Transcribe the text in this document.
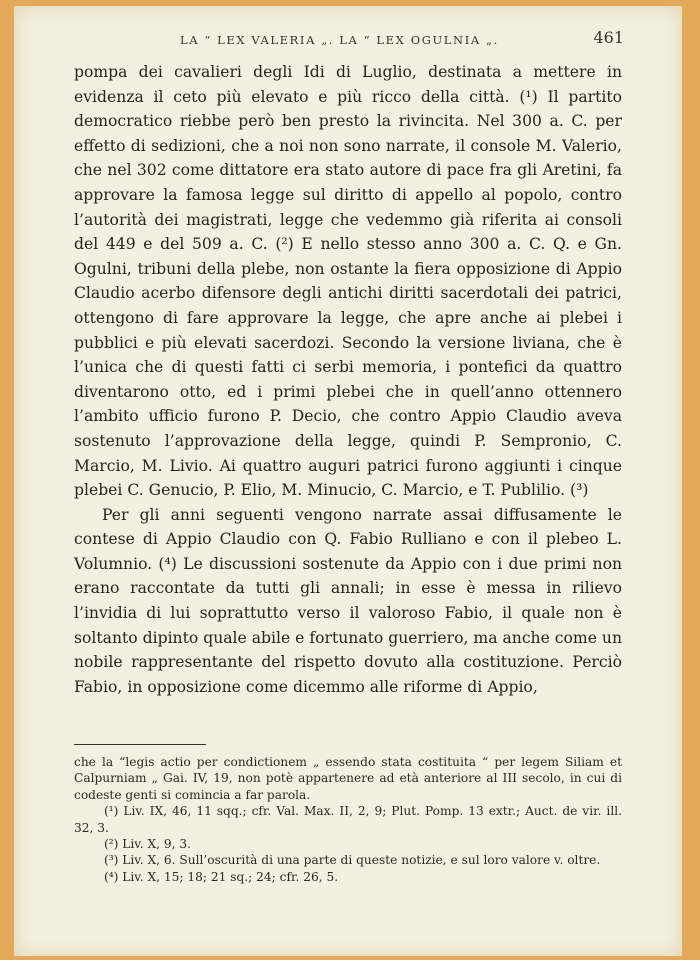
LA “ LEX VALERIA „. LA “ LEX OGULNIA „.	461

pompa dei cavalieri degli Idi di Luglio, destinata a mettere in evidenza il ceto più elevato e più ricco della città. (¹) Il partito democratico riebbe però ben presto la rivincita. Nel 300 a. C. per effetto di sedizioni, che a noi non sono narrate, il console M. Valerio, che nel 302 come dittatore era stato autore di pace fra gli Aretini, fa approvare la famosa legge sul diritto di appello al popolo, contro l’autorità dei magistrati, legge che vedemmo già riferita ai consoli del 449 e del 509 a. C. (²) E nello stesso anno 300 a. C. Q. e Gn. Ogulni, tribuni della plebe, non ostante la fiera opposizione di Appio Claudio acerbo difensore degli antichi diritti sacerdotali dei patrici, ottengono di fare approvare la legge, che apre anche ai plebei i pubblici e più elevati sacerdozi. Secondo la versione liviana, che è l’unica che di questi fatti ci serbi memoria, i pontefici da quattro diventarono otto, ed i primi plebei che in quell’anno ottennero l’ambito ufficio furono P. Decio, che contro Appio Claudio aveva sostenuto l’approvazione della legge, quindi P. Sempronio, C. Marcio, M. Livio. Ai quattro auguri patrici furono aggiunti i cinque plebei C. Genucio, P. Elio, M. Minucio, C. Marcio, e T. Publilio. (³)

Per gli anni seguenti vengono narrate assai diffusamente le contese di Appio Claudio con Q. Fabio Rulliano e con il plebeo L. Volumnio. (⁴) Le discussioni sostenute da Appio con i due primi non erano raccontate da tutti gli annali; in esse è messa in rilievo l’invidia di lui soprattutto verso il valoroso Fabio, il quale non è soltanto dipinto quale abile e fortunato guerriero, ma anche come un nobile rappresentante del rispetto dovuto alla costituzione. Perciò Fabio, in opposizione come dicemmo alle riforme di Appio,

che la “legis actio per condictionem „ essendo stata costituita “ per legem Siliam et Calpurniam „ Gai. IV, 19, non potè appartenere ad età anteriore al III secolo, in cui di codeste genti si comincia a far parola.

(¹) Liv. IX, 46, 11 sqq.; cfr. Val. Max. II, 2, 9; Plut. Pomp. 13 extr.; Auct. de vir. ill. 32, 3.

(²) Liv. X, 9, 3.

(³) Liv. X, 6. Sull’oscurità di una parte di queste notizie, e sul loro valore v. oltre.

(⁴) Liv. X, 15; 18; 21 sq.; 24; cfr. 26, 5.
